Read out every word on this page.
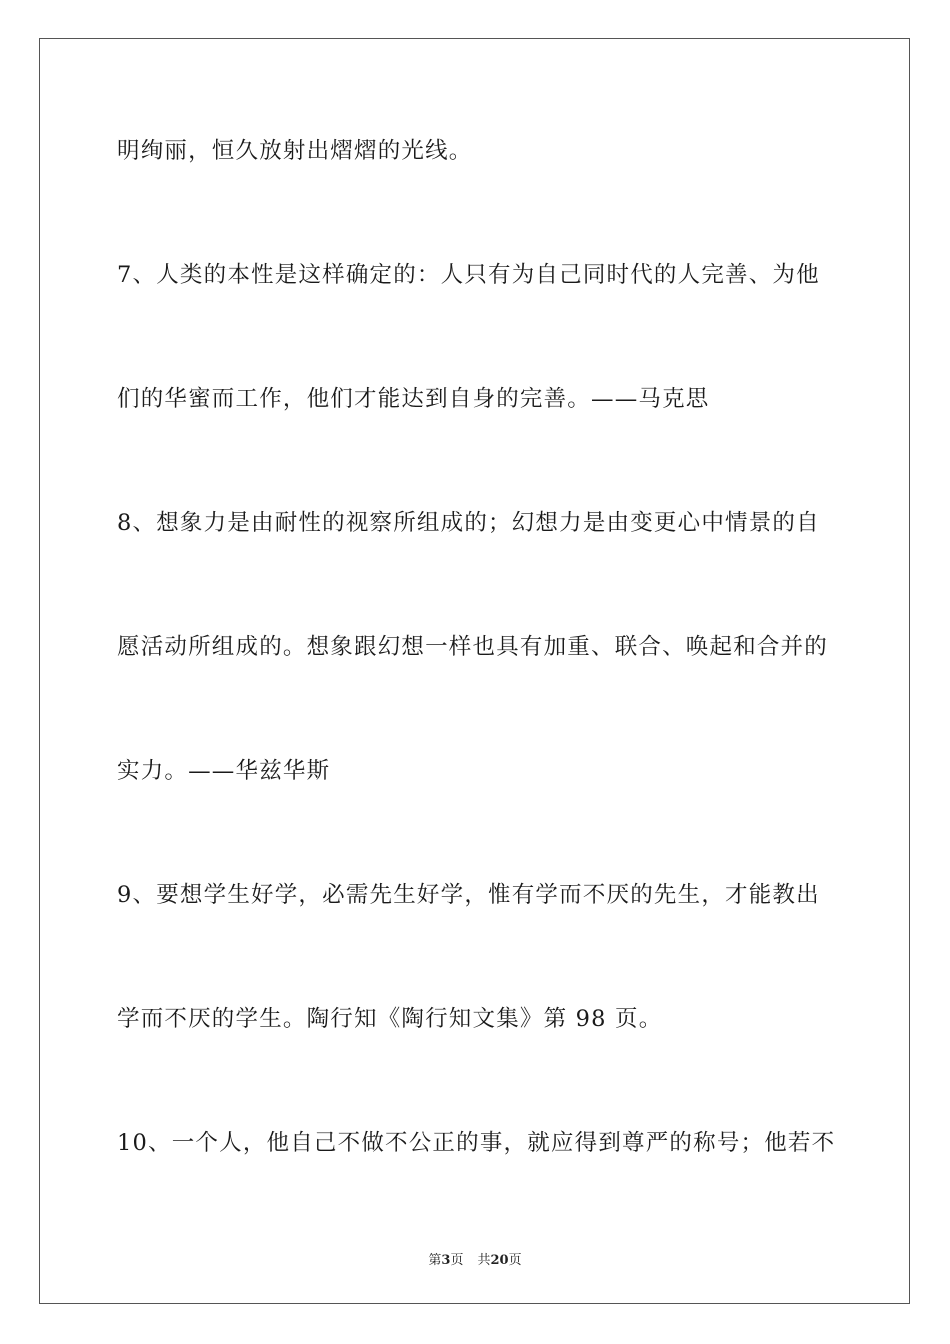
明绚丽，恒久放射出熠熠的光线。
7、人类的本性是这样确定的：人只有为自己同时代的人完善、为他
们的华蜜而工作，他们才能达到自身的完善。——马克思
8、想象力是由耐性的视察所组成的；幻想力是由变更心中情景的自
愿活动所组成的。想象跟幻想一样也具有加重、联合、唤起和合并的
实力。——华兹华斯
9、要想学生好学，必需先生好学，惟有学而不厌的先生，才能教出
学而不厌的学生。陶行知《陶行知文集》第 98 页。
10、一个人，他自己不做不公正的事，就应得到尊严的称号；他若不
第3页 共20页
